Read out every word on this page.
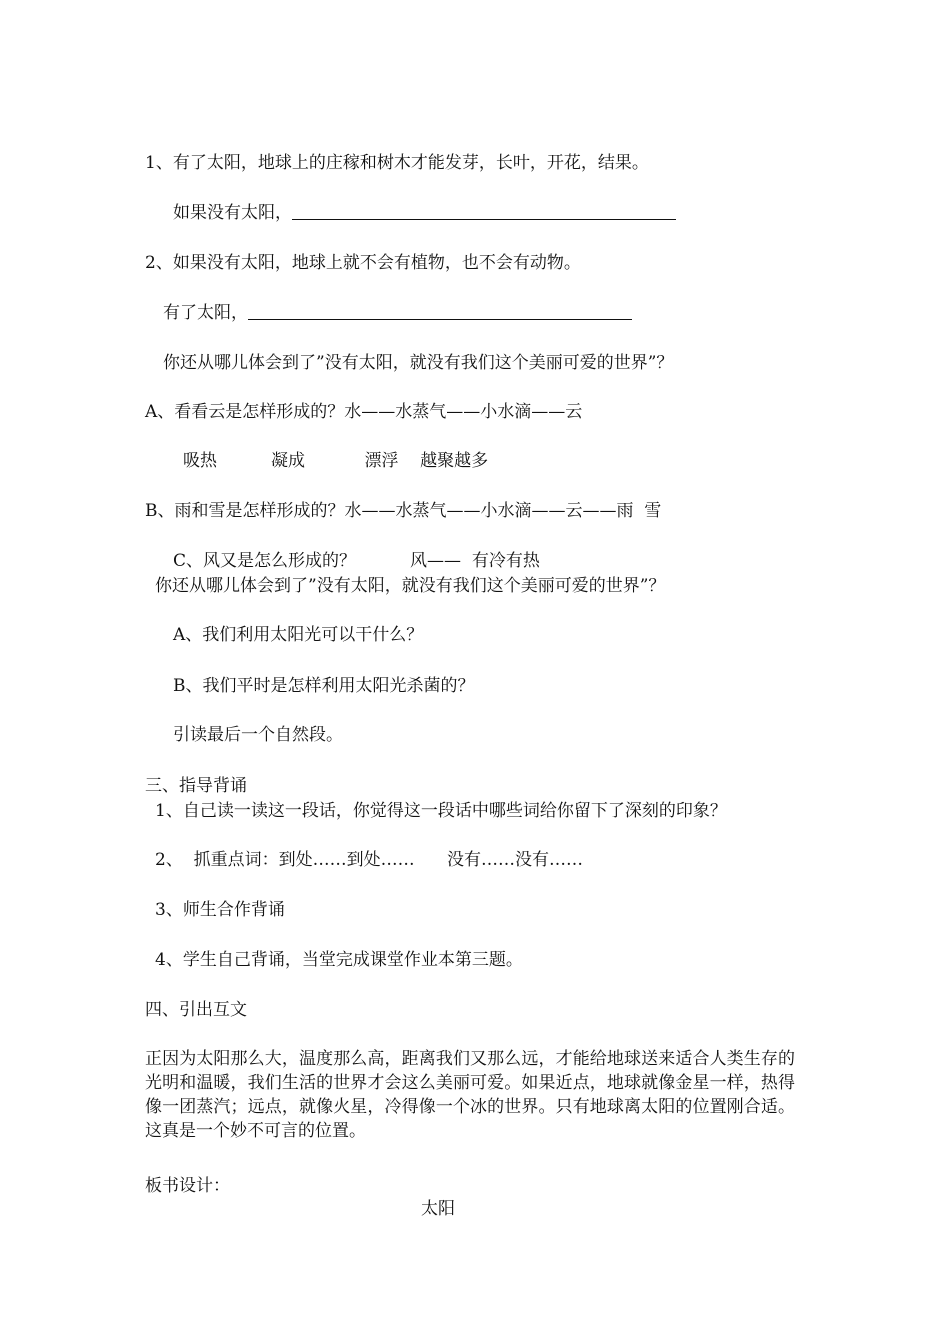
1、有了太阳，地球上的庄稼和树木才能发芽，长叶，开花，结果。
如果没有太阳，
2、如果没有太阳，地球上就不会有植物，也不会有动物。
有了太阳，
你还从哪儿体会到了”没有太阳，就没有我们这个美丽可爱的世界”？
A、看看云是怎样形成的？水——水蒸气——小水滴——云
吸热          凝成           漂浮    越聚越多
B、雨和雪是怎样形成的？水——水蒸气——小水滴——云——雨  雪
C、风又是怎么形成的？          风——  有冷有热
你还从哪儿体会到了”没有太阳，就没有我们这个美丽可爱的世界”？
A、我们利用太阳光可以干什么？
B、我们平时是怎样利用太阳光杀菌的？
引读最后一个自然段。
三、指导背诵
1、自己读一读这一段话，你觉得这一段话中哪些词给你留下了深刻的印象？
2、  抓重点词：到处……到处……      没有……没有……
3、师生合作背诵
4、学生自己背诵，当堂完成课堂作业本第三题。
四、引出互文
正因为太阳那么大，温度那么高，距离我们又那么远，才能给地球送来适合人类生存的光明和温暖，我们生活的世界才会这么美丽可爱。如果近点，地球就像金星一样，热得像一团蒸汽；远点，就像火星，冷得像一个冰的世界。只有地球离太阳的位置刚合适。这真是一个妙不可言的位置。
板书设计：
太阳
